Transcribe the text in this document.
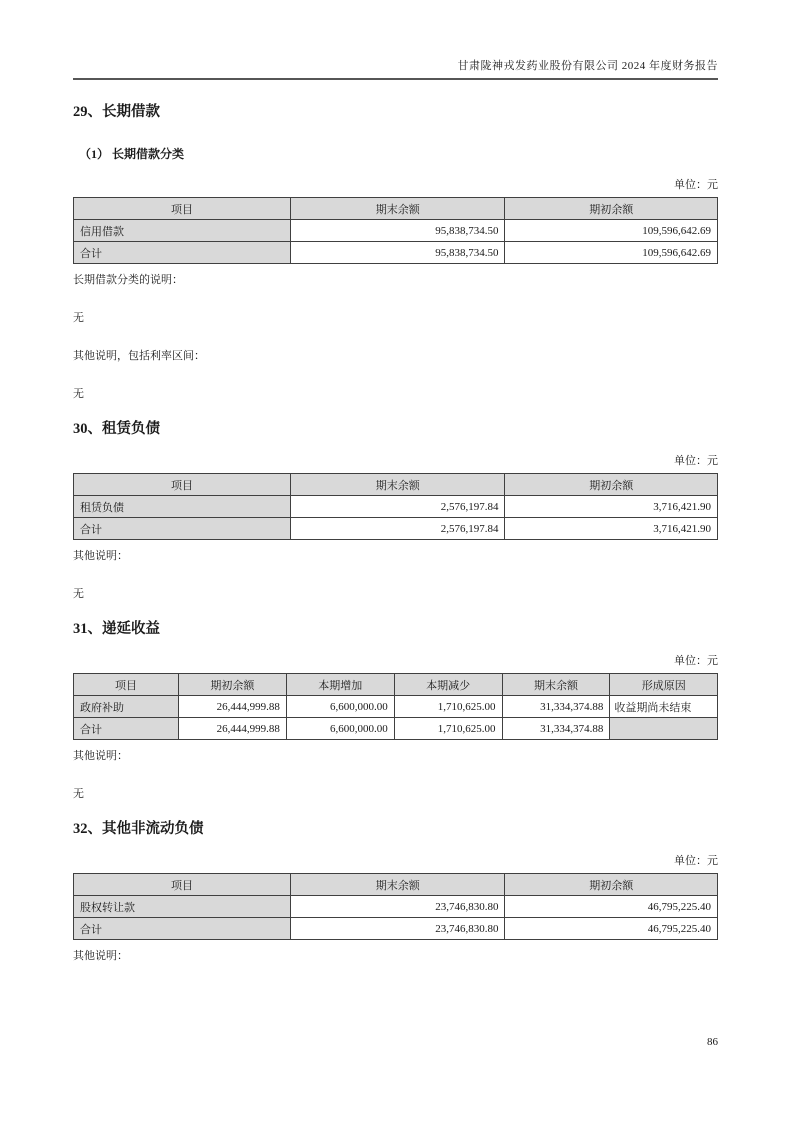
甘肃陇神戎发药业股份有限公司 2024 年度财务报告
29、长期借款
（1） 长期借款分类
单位：元
项目	期末余额	期初余额
信用借款	95,838,734.50	109,596,642.69
合计	95,838,734.50	109,596,642.69
长期借款分类的说明：
无
其他说明，包括利率区间：
无
30、租赁负债
单位：元
项目	期末余额	期初余额
租赁负债	2,576,197.84	3,716,421.90
合计	2,576,197.84	3,716,421.90
其他说明：
无
31、递延收益
单位：元
项目	期初余额	本期增加	本期减少	期末余额	形成原因
政府补助	26,444,999.88	6,600,000.00	1,710,625.00	31,334,374.88	收益期尚未结束
合计	26,444,999.88	6,600,000.00	1,710,625.00	31,334,374.88	
其他说明：
无
32、其他非流动负债
单位：元
项目	期末余额	期初余额
股权转让款	23,746,830.80	46,795,225.40
合计	23,746,830.80	46,795,225.40
其他说明：
86
